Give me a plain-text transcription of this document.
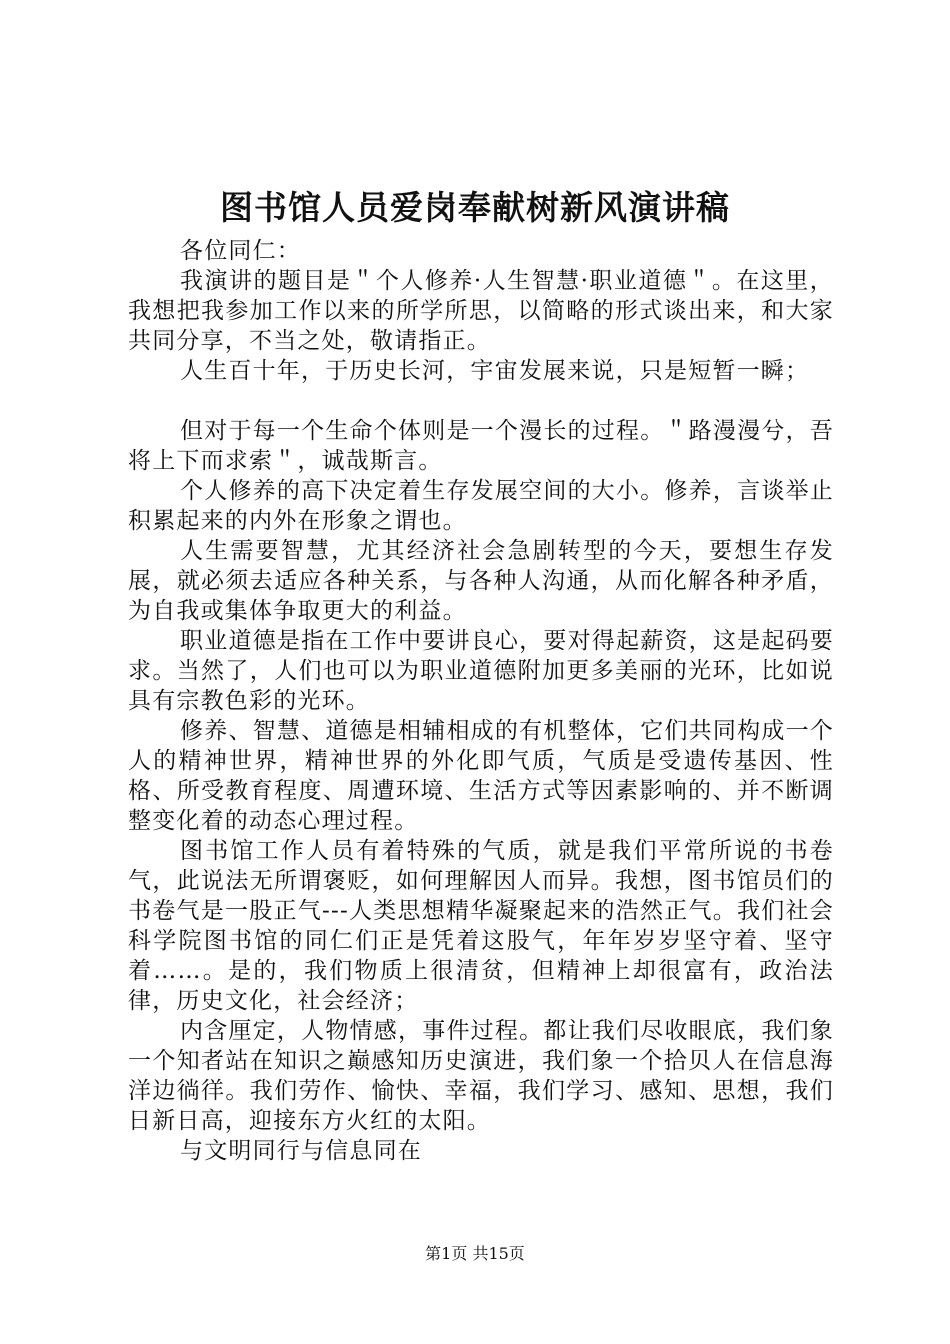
图书馆人员爱岗奉献树新风演讲稿

各位同仁：

我演讲的题目是＂个人修养·人生智慧·职业道德＂。在这里，我想把我参加工作以来的所学所思，以简略的形式谈出来，和大家共同分享，不当之处，敬请指正。

人生百十年，于历史长河，宇宙发展来说，只是短暂一瞬；

但对于每一个生命个体则是一个漫长的过程。＂路漫漫兮，吾将上下而求索＂，诚哉斯言。

个人修养的高下决定着生存发展空间的大小。修养，言谈举止积累起来的内外在形象之谓也。

人生需要智慧，尤其经济社会急剧转型的今天，要想生存发展，就必须去适应各种关系，与各种人沟通，从而化解各种矛盾，为自我或集体争取更大的利益。

职业道德是指在工作中要讲良心，要对得起薪资，这是起码要求。当然了，人们也可以为职业道德附加更多美丽的光环，比如说具有宗教色彩的光环。

修养、智慧、道德是相辅相成的有机整体，它们共同构成一个人的精神世界，精神世界的外化即气质，气质是受遗传基因、性格、所受教育程度、周遭环境、生活方式等因素影响的、并不断调整变化着的动态心理过程。

图书馆工作人员有着特殊的气质，就是我们平常所说的书卷气，此说法无所谓褒贬，如何理解因人而异。我想，图书馆员们的书卷气是一股正气---人类思想精华凝聚起来的浩然正气。我们社会科学院图书馆的同仁们正是凭着这股气，年年岁岁坚守着、坚守着……。是的，我们物质上很清贫，但精神上却很富有，政治法律，历史文化，社会经济；

内含厘定，人物情感，事件过程。都让我们尽收眼底，我们象一个知者站在知识之巅感知历史演进，我们象一个拾贝人在信息海洋边徜徉。我们劳作、愉快、幸福，我们学习、感知、思想，我们日新日高，迎接东方火红的太阳。

与文明同行与信息同在

第1页 共15页
